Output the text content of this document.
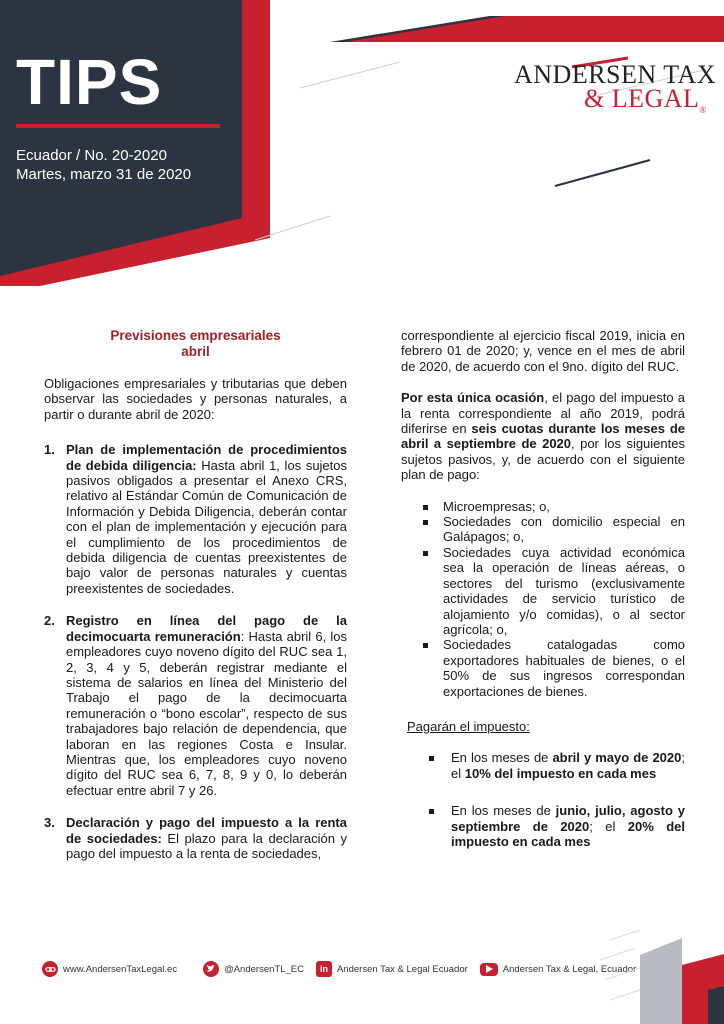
TIPS
Ecuador / No. 20-2020
Martes, marzo 31 de 2020
ANDERSEN TAX
& $LEGAL_®$
Previsiones empresariales
abril
Obligaciones empresariales y tributarias que deben observar las sociedades y personas naturales, a partir o durante abril de 2020:
1. Plan de implementación de procedimientos de debida diligencia: Hasta abril 1, los sujetos pasivos obligados a presentar el Anexo CRS, relativo al Estándar Común de Comunicación de Información y Debida Diligencia, deberán contar con el plan de implementación y ejecución para el cumplimiento de los procedimientos de debida diligencia de cuentas preexistentes de bajo valor de personas naturales y cuentas preexistentes de sociedades.
2. Registro en línea del pago de la decimocuarta remuneración: Hasta abril 6, los empleadores cuyo noveno dígito del RUC sea 1, 2, 3, 4 y 5, deberán registrar mediante el sistema de salarios en línea del Ministerio del Trabajo el pago de la decimocuarta remuneración o “bono escolar”, respecto de sus trabajadores bajo relación de dependencia, que laboran en las regiones Costa e Insular. Mientras que, los empleadores cuyo noveno dígito del RUC sea 6, 7, 8, 9 y 0, lo deberán efectuar entre abril 7 y 26.
3. Declaración y pago del impuesto a la renta de sociedades: El plazo para la declaración y pago del impuesto a la renta de sociedades,
correspondiente al ejercicio fiscal 2019, inicia en febrero 01 de 2020; y, vence en el mes de abril de 2020, de acuerdo con el 9no. dígito del RUC.
Por esta única ocasión, el pago del impuesto a la renta correspondiente al año 2019, podrá diferirse en seis cuotas durante los meses de abril a septiembre de 2020, por los siguientes sujetos pasivos, y, de acuerdo con el siguiente plan de pago:
Microempresas; o,
Sociedades con domicilio especial en Galápagos; o,
Sociedades cuya actividad económica sea la operación de líneas aéreas, o sectores del turismo (exclusivamente actividades de servicio turístico de alojamiento y/o comidas), o al sector agrícola; o,
Sociedades catalogadas como exportadores habituales de bienes, o el 50% de sus ingresos correspondan exportaciones de bienes.
Pagarán el impuesto:
En los meses de abril y mayo de 2020; el 10% del impuesto en cada mes
En los meses de junio, julio, agosto y septiembre de 2020; el 20% del impuesto en cada mes
www.AndersenTaxLegal.ec	@AndersenTL_EC	in Andersen Tax & Legal Ecuador	Andersen Tax & Legal, Ecuador
